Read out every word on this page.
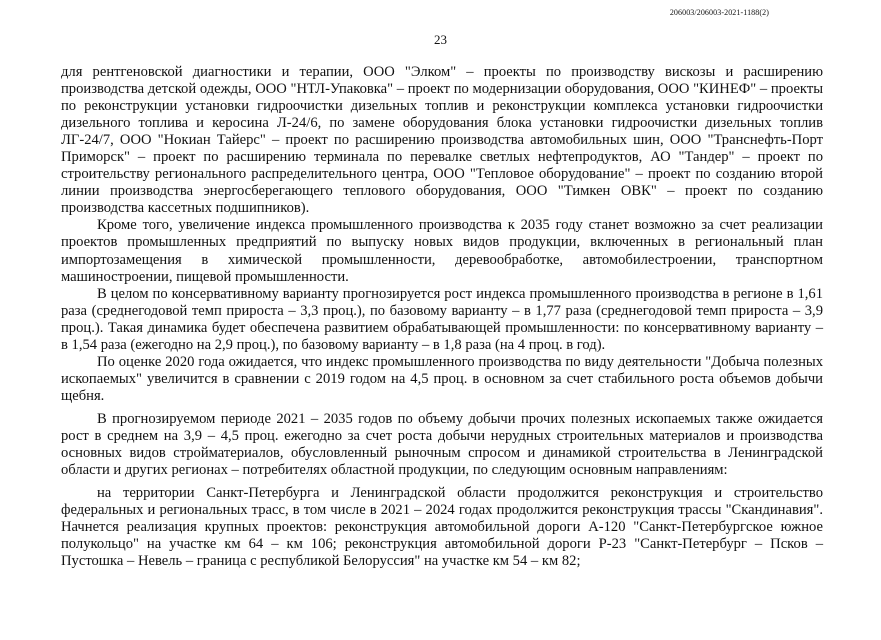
206003/206003-2021-1188(2)
23

для рентгеновской диагностики и терапии, ООО "Элком" – проекты по производству вискозы и расширению производства детской одежды, ООО "НТЛ-Упаковка" – проект по модернизации оборудования, ООО "КИНЕФ" – проекты по реконструкции установки гидроочистки дизельных топлив и реконструкции комплекса установки гидроочистки дизельного топлива и керосина Л-24/6, по замене оборудования блока установки гидроочистки дизельных топлив ЛГ-24/7, ООО "Нокиан Тайерс" – проект по расширению производства автомобильных шин, ООО "Транснефть-Порт Приморск" – проект по расширению терминала по перевалке светлых нефтепродуктов, АО "Тандер" – проект по строительству регионального распределительного центра, ООО "Тепловое оборудование" – проект по созданию второй линии производства энергосберегающего теплового оборудования, ООО "Тимкен ОВК" – проект по созданию производства кассетных подшипников).

Кроме того, увеличение индекса промышленного производства к 2035 году станет возможно за счет реализации проектов промышленных предприятий по выпуску новых видов продукции, включенных в региональный план импортозамещения в химической промышленности, деревообработке, автомобилестроении, транспортном машиностроении, пищевой промышленности.

В целом по консервативному варианту прогнозируется рост индекса промышленного производства в регионе в 1,61 раза (среднегодовой темп прироста – 3,3 проц.), по базовому варианту – в 1,77 раза (среднегодовой темп прироста – 3,9 проц.). Такая динамика будет обеспечена развитием обрабатывающей промышленности: по консервативному варианту – в 1,54 раза (ежегодно на 2,9 проц.), по базовому варианту – в 1,8 раза (на 4 проц. в год).

По оценке 2020 года ожидается, что индекс промышленного производства по виду деятельности "Добыча полезных ископаемых" увеличится в сравнении с 2019 годом на 4,5 проц. в основном за счет стабильного роста объемов добычи щебня.

В прогнозируемом периоде 2021 – 2035 годов по объему добычи прочих полезных ископаемых также ожидается рост в среднем на 3,9 – 4,5 проц. ежегодно за счет роста добычи нерудных строительных материалов и производства основных видов стройматериалов, обусловленный рыночным спросом и динамикой строительства в Ленинградской области и других регионах – потребителях областной продукции, по следующим основным направлениям:

на территории Санкт-Петербурга и Ленинградской области продолжится реконструкция и строительство федеральных и региональных трасс, в том числе в 2021 – 2024 годах продолжится реконструкция трассы "Скандинавия". Начнется реализация крупных проектов: реконструкция автомобильной дороги А-120 "Санкт-Петербургское южное полукольцо" на участке км 64 – км 106; реконструкция автомобильной дороги Р-23 "Санкт-Петербург – Псков – Пустошка – Невель – граница с республикой Белоруссия" на участке км 54 – км 82;
